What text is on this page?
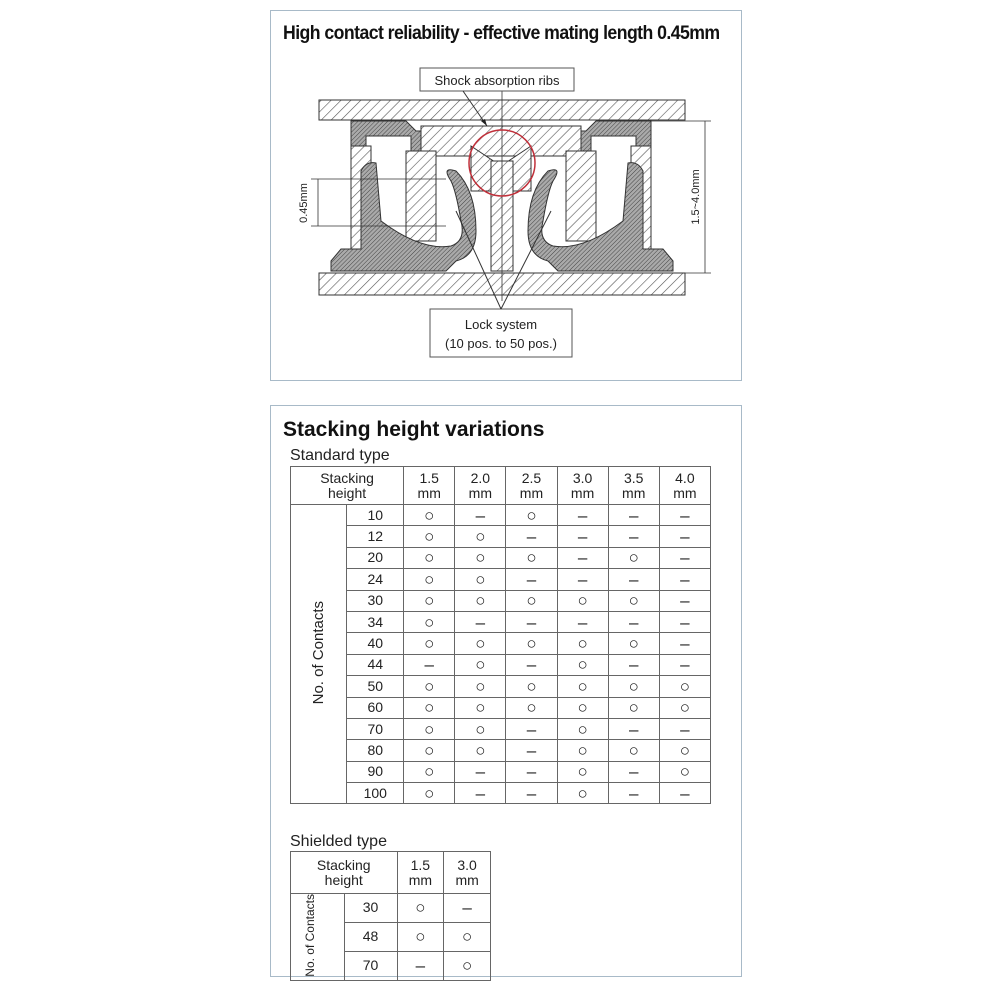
High contact reliability - effective mating length 0.45mm
Shock absorption ribs
Lock system
(10 pos. to 50 pos.)
0.45mm	1.5~4.0mm
Stacking height variations
Standard type
Stacking height		1.5 mm	2.0 mm	2.5 mm	3.0 mm	3.5 mm	4.0 mm
No. of Contacts	10	○	–	○	–	–	–
	12	○	○	–	–	–	–
	20	○	○	○	–	○	–
	24	○	○	–	–	–	–
	30	○	○	○	○	○	–
	34	○	–	–	–	–	–
	40	○	○	○	○	○	–
	44	–	○	–	○	–	–
	50	○	○	○	○	○	○
	60	○	○	○	○	○	○
	70	○	○	–	○	–	–
	80	○	○	–	○	○	○
	90	○	–	–	○	–	○
	100	○	–	–	○	–	–
Shielded type
Stacking height		1.5 mm	3.0 mm
No. of Contacts	30	○	–
	48	○	○
	70	–	○
